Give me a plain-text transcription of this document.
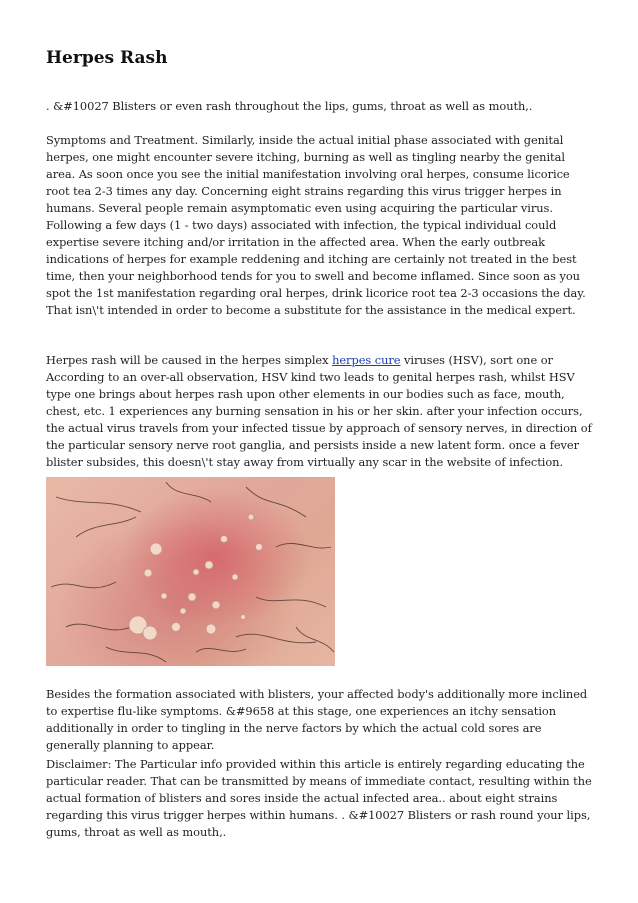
Herpes Rash

. &#10027 Blisters or even rash throughout the lips, gums, throat as well as mouth,.

Symptoms and Treatment. Similarly, inside the actual initial phase associated with genital herpes, one might encounter severe itching, burning as well as tingling nearby the genital area. As soon once you see the initial manifestation involving oral herpes, consume licorice root tea 2-3 times any day. Concerning eight strains regarding this virus trigger herpes in humans. Several people remain asymptomatic even using acquiring the particular virus. Following a few days (1 - two days) associated with infection, the typical individual could expertise severe itching and/or irritation in the affected area. When the early outbreak indications of herpes for example reddening and itching are certainly not treated in the best time, then your neighborhood tends for you to swell and become inflamed. Since soon as you spot the 1st manifestation regarding oral herpes, drink licorice root tea 2-3 occasions the day. That isn\'t intended in order to become a substitute for the assistance in the medical expert.

Herpes rash will be caused in the herpes simplex herpes cure viruses (HSV), sort one or According to an over-all observation, HSV kind two leads to genital herpes rash, whilst HSV type one brings about herpes rash upon other elements in our bodies such as face, mouth, chest, etc. 1 experiences any burning sensation in his or her skin. after your infection occurs, the actual virus travels from your infected tissue by approach of sensory nerves, in direction of the particular sensory nerve root ganglia, and persists inside a new latent form. once a fever blister subsides, this doesn\'t stay away from virtually any scar in the website of infection.

Besides the formation associated with blisters, your affected body's additionally more inclined to expertise flu-like symptoms. &#9658 at this stage, one experiences an itchy sensation additionally in order to tingling in the nerve factors by which the actual cold sores are generally planning to appear.

Disclaimer: The Particular info provided within this article is entirely regarding educating the particular reader. That can be transmitted by means of immediate contact, resulting within the actual formation of blisters and sores inside the actual infected area.. about eight strains regarding this virus trigger herpes within humans. . &#10027 Blisters or rash round your lips, gums, throat as well as mouth,.
